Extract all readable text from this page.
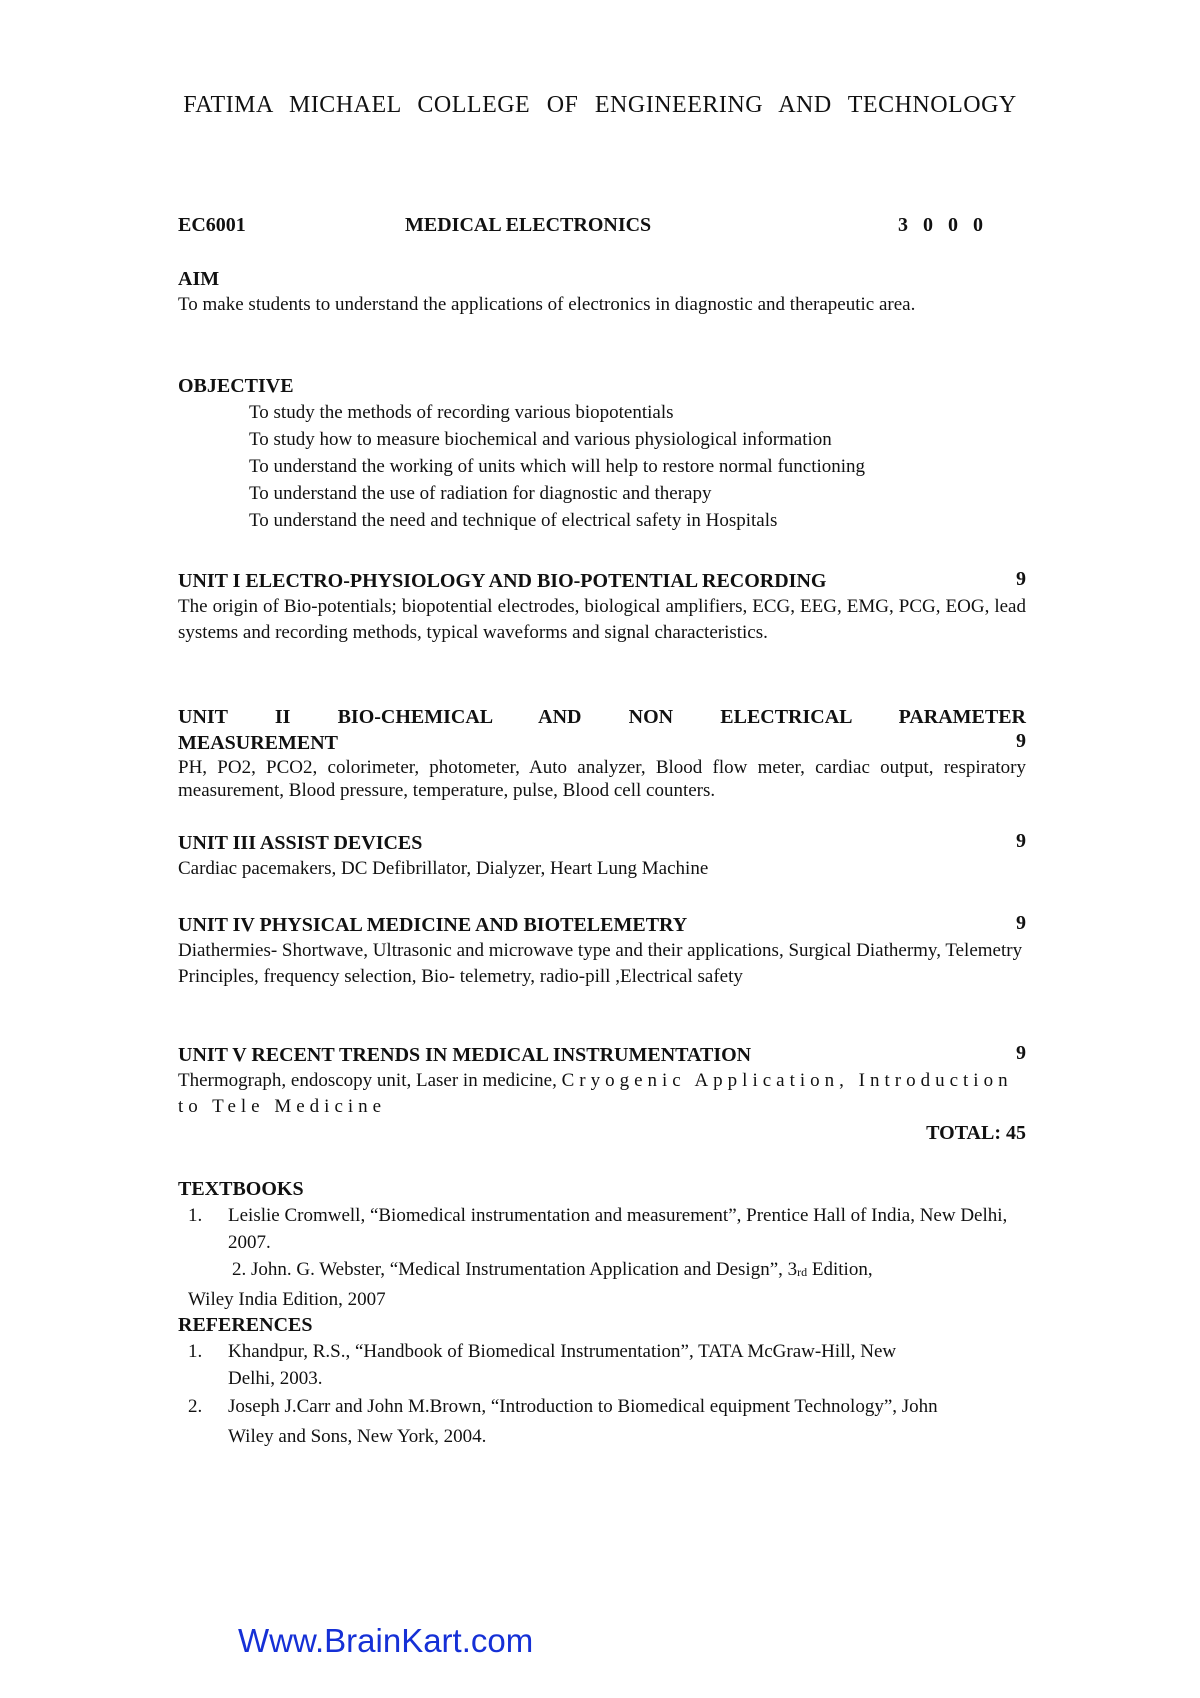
FATIMA MICHAEL COLLEGE OF ENGINEERING AND TECHNOLOGY
EC6001	MEDICAL ELECTRONICS	3 0 0 0
AIM
To make students to understand the applications of electronics in diagnostic and therapeutic area.
OBJECTIVE
To study the methods of recording various biopotentials
To study how to measure biochemical and various physiological information
To understand the working of units which will help to restore normal functioning
To understand the use of radiation for diagnostic and therapy
To understand the need and technique of electrical safety in Hospitals
UNIT I ELECTRO-PHYSIOLOGY AND BIO-POTENTIAL RECORDING	9
The origin of Bio-potentials; biopotential electrodes, biological amplifiers, ECG, EEG, EMG, PCG, EOG, lead systems and recording methods, typical waveforms and signal characteristics.
UNIT II BIO-CHEMICAL AND NON ELECTRICAL PARAMETER
MEASUREMENT	9
PH, PO2, PCO2, colorimeter, photometer, Auto analyzer, Blood flow meter, cardiac output, respiratory measurement, Blood pressure, temperature, pulse, Blood cell counters.
UNIT III ASSIST DEVICES	9
Cardiac pacemakers, DC Defibrillator, Dialyzer, Heart Lung Machine
UNIT IV PHYSICAL MEDICINE AND BIOTELEMETRY	9
Diathermies- Shortwave, Ultrasonic and microwave type and their applications, Surgical Diathermy, Telemetry Principles, frequency selection, Bio- telemetry, radio-pill ,Electrical safety
UNIT V RECENT TRENDS IN MEDICAL INSTRUMENTATION	9
Thermograph, endoscopy unit, Laser in medicine, Cryogenic Application, Introduction to Tele Medicine
TOTAL: 45
TEXTBOOKS
1. Leislie Cromwell, “Biomedical instrumentation and measurement”, Prentice Hall of India, New Delhi, 2007.
2. John. G. Webster, “Medical Instrumentation Application and Design”, $3_{rd}$ Edition,
Wiley India Edition, 2007
REFERENCES
1. Khandpur, R.S., “Handbook of Biomedical Instrumentation”, TATA McGraw-Hill, New Delhi, 2003.
2. Joseph J.Carr and John M.Brown, “Introduction to Biomedical equipment Technology”, John Wiley and Sons, New York, 2004.
Www.BrainKart.com
